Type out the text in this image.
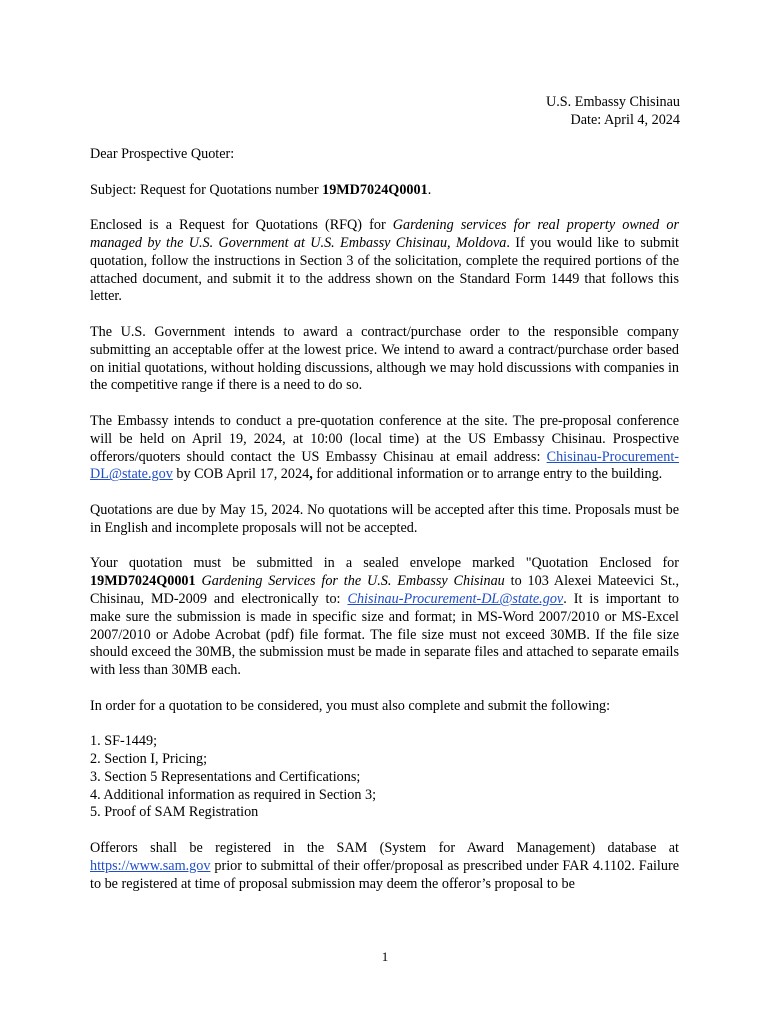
U.S. Embassy Chisinau
Date: April 4, 2024

Dear Prospective Quoter:

Subject: Request for Quotations number 19MD7024Q0001.

Enclosed is a Request for Quotations (RFQ) for Gardening services for real property owned or managed by the U.S. Government at U.S. Embassy Chisinau, Moldova. If you would like to submit quotation, follow the instructions in Section 3 of the solicitation, complete the required portions of the attached document, and submit it to the address shown on the Standard Form 1449 that follows this letter.

The U.S. Government intends to award a contract/purchase order to the responsible company submitting an acceptable offer at the lowest price. We intend to award a contract/purchase order based on initial quotations, without holding discussions, although we may hold discussions with companies in the competitive range if there is a need to do so.

The Embassy intends to conduct a pre-quotation conference at the site. The pre-proposal conference will be held on April 19, 2024, at 10:00 (local time) at the US Embassy Chisinau. Prospective offerors/quoters should contact the US Embassy Chisinau at email address: Chisinau-Procurement-DL@state.gov by COB April 17, 2024, for additional information or to arrange entry to the building.

Quotations are due by May 15, 2024. No quotations will be accepted after this time. Proposals must be in English and incomplete proposals will not be accepted.

Your quotation must be submitted in a sealed envelope marked "Quotation Enclosed for 19MD7024Q0001 Gardening Services for the U.S. Embassy Chisinau to 103 Alexei Mateevici St., Chisinau, MD-2009 and electronically to: Chisinau-Procurement-DL@state.gov. It is important to make sure the submission is made in specific size and format; in MS-Word 2007/2010 or MS-Excel 2007/2010 or Adobe Acrobat (pdf) file format. The file size must not exceed 30MB. If the file size should exceed the 30MB, the submission must be made in separate files and attached to separate emails with less than 30MB each.

In order for a quotation to be considered, you must also complete and submit the following:

1. SF-1449;
2. Section I, Pricing;
3. Section 5 Representations and Certifications;
4. Additional information as required in Section 3;
5. Proof of SAM Registration

Offerors shall be registered in the SAM (System for Award Management) database at https://www.sam.gov prior to submittal of their offer/proposal as prescribed under FAR 4.1102. Failure to be registered at time of proposal submission may deem the offeror’s proposal to be

1
